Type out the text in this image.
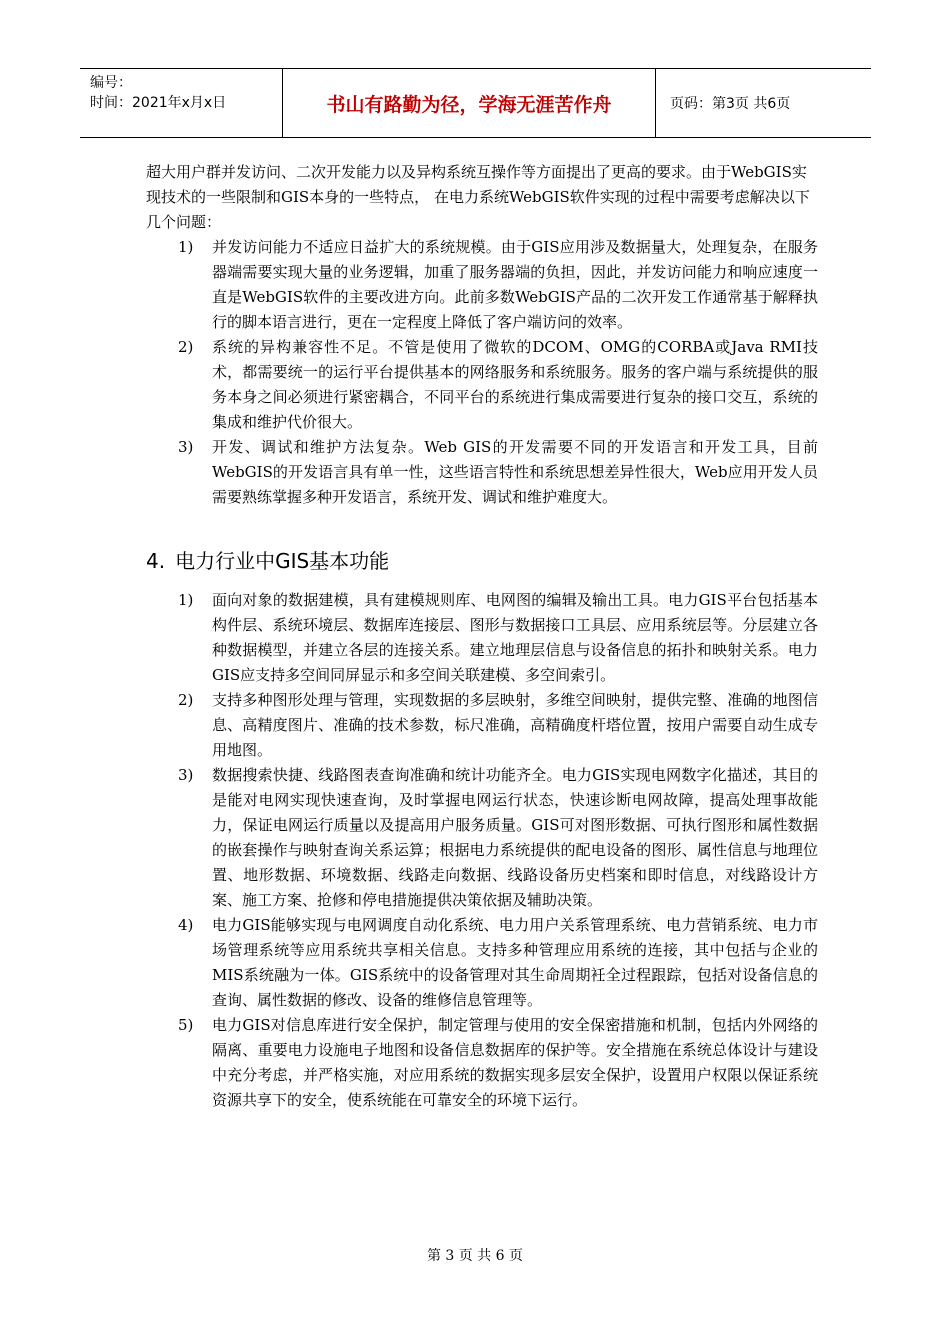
编号：
时间：2021年x月x日	书山有路勤为径，学海无涯苦作舟	页码：第3页 共6页

超大用户群并发访问、二次开发能力以及异构系统互操作等方面提出了更高的要求。由于WebGIS实现技术的一些限制和GIS本身的一些特点， 在电力系统WebGIS软件实现的过程中需要考虑解决以下几个问题：

1)	并发访问能力不适应日益扩大的系统规模。由于GIS应用涉及数据量大，处理复杂，在服务器端需要实现大量的业务逻辑，加重了服务器端的负担，因此，并发访问能力和响应速度一直是WebGIS软件的主要改进方向。此前多数WebGIS产品的二次开发工作通常基于解释执行的脚本语言进行，更在一定程度上降低了客户端访问的效率。
2)	系统的异构兼容性不足。不管是使用了微软的DCOM、OMG的CORBA或Java RMI技术，都需要统一的运行平台提供基本的网络服务和系统服务。服务的客户端与系统提供的服务本身之间必须进行紧密耦合，不同平台的系统进行集成需要进行复杂的接口交互，系统的集成和维护代价很大。
3)	开发、调试和维护方法复杂。Web GIS的开发需要不同的开发语言和开发工具，目前WebGIS的开发语言具有单一性，这些语言特性和系统思想差异性很大，Web应用开发人员需要熟练掌握多种开发语言，系统开发、调试和维护难度大。
4. 电力行业中GIS基本功能
1)	面向对象的数据建模，具有建模规则库、电网图的编辑及输出工具。电力GIS平台包括基本构件层、系统环境层、数据库连接层、图形与数据接口工具层、应用系统层等。分层建立各种数据模型，并建立各层的连接关系。建立地理层信息与设备信息的拓扑和映射关系。电力GIS应支持多空间同屏显示和多空间关联建模、多空间索引。
2)	支持多种图形处理与管理，实现数据的多层映射，多维空间映射，提供完整、准确的地图信息、高精度图片、准确的技术参数，标尺准确，高精确度杆塔位置，按用户需要自动生成专用地图。
3)	数据搜索快捷、线路图表查询准确和统计功能齐全。电力GIS实现电网数字化描述，其目的是能对电网实现快速查询，及时掌握电网运行状态，快速诊断电网故障，提高处理事故能力，保证电网运行质量以及提高用户服务质量。GIS可对图形数据、可执行图形和属性数据的嵌套操作与映射查询关系运算；根据电力系统提供的配电设备的图形、属性信息与地理位置、地形数据、环境数据、线路走向数据、线路设备历史档案和即时信息，对线路设计方案、施工方案、抢修和停电措施提供决策依据及辅助决策。
4)	电力GIS能够实现与电网调度自动化系统、电力用户关系管理系统、电力营销系统、电力市场管理系统等应用系统共享相关信息。支持多种管理应用系统的连接，其中包括与企业的MIS系统融为一体。GIS系统中的设备管理对其生命周期衽全过程跟踪，包括对设备信息的查询、属性数据的修改、设备的维修信息管理等。
5)	电力GIS对信息库进行安全保护，制定管理与使用的安全保密措施和机制，包括内外网络的隔离、重要电力设施电子地图和设备信息数据库的保护等。安全措施在系统总体设计与建设中充分考虑，并严格实施，对应用系统的数据实现多层安全保护，设置用户权限以保证系统资源共享下的安全，使系统能在可靠安全的环境下运行。
第 3 页 共 6 页
